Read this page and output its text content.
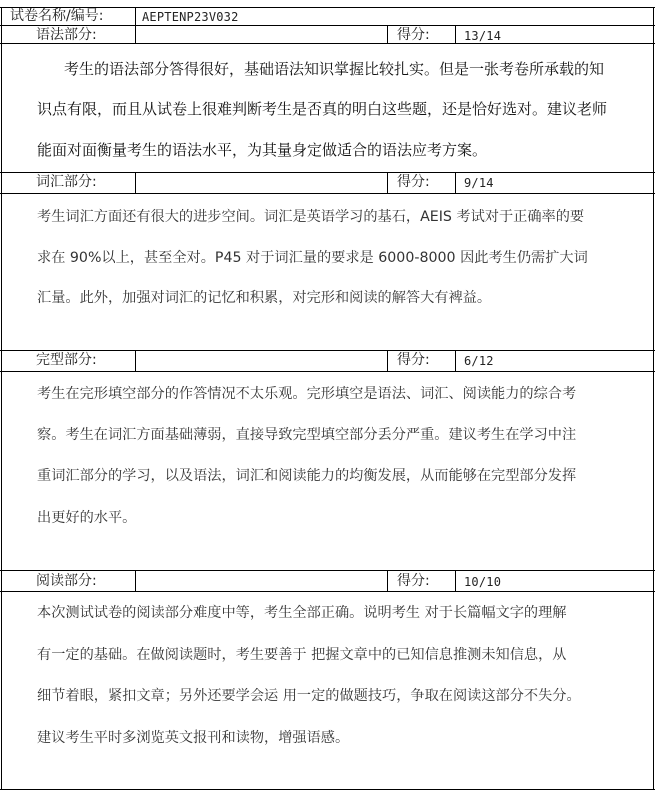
试卷名称/编号:	AEPTENP23V032
语法部分:	得分:	13/14
考生的语法部分答得很好，基础语法知识掌握比较扎实。但是一张考卷所承载的知
识点有限，而且从试卷上很难判断考生是否真的明白这些题，还是恰好选对。建议老师
能面对面衡量考生的语法水平，为其量身定做适合的语法应考方案。
词汇部分:	得分:	9/14
考生词汇方面还有很大的进步空间。词汇是英语学习的基石，AEIS 考试对于正确率的要
求在 90%以上，甚至全对。P45 对于词汇量的要求是 6000-8000 因此考生仍需扩大词
汇量。此外，加强对词汇的记忆和积累，对完形和阅读的解答大有裨益。
完型部分:	得分:	6/12
考生在完形填空部分的作答情况不太乐观。完形填空是语法、词汇、阅读能力的综合考
察。考生在词汇方面基础薄弱，直接导致完型填空部分丢分严重。建议考生在学习中注
重词汇部分的学习，以及语法，词汇和阅读能力的均衡发展，从而能够在完型部分发挥
出更好的水平。
阅读部分:	得分:	10/10
本次测试试卷的阅读部分难度中等，考生全部正确。说明考生 对于长篇幅文字的理解
有一定的基础。在做阅读题时，考生要善于 把握文章中的已知信息推测未知信息，从
细节着眼，紧扣文章；另外还要学会运 用一定的做题技巧，争取在阅读这部分不失分。
建议考生平时多浏览英文报刊和读物，增强语感。
